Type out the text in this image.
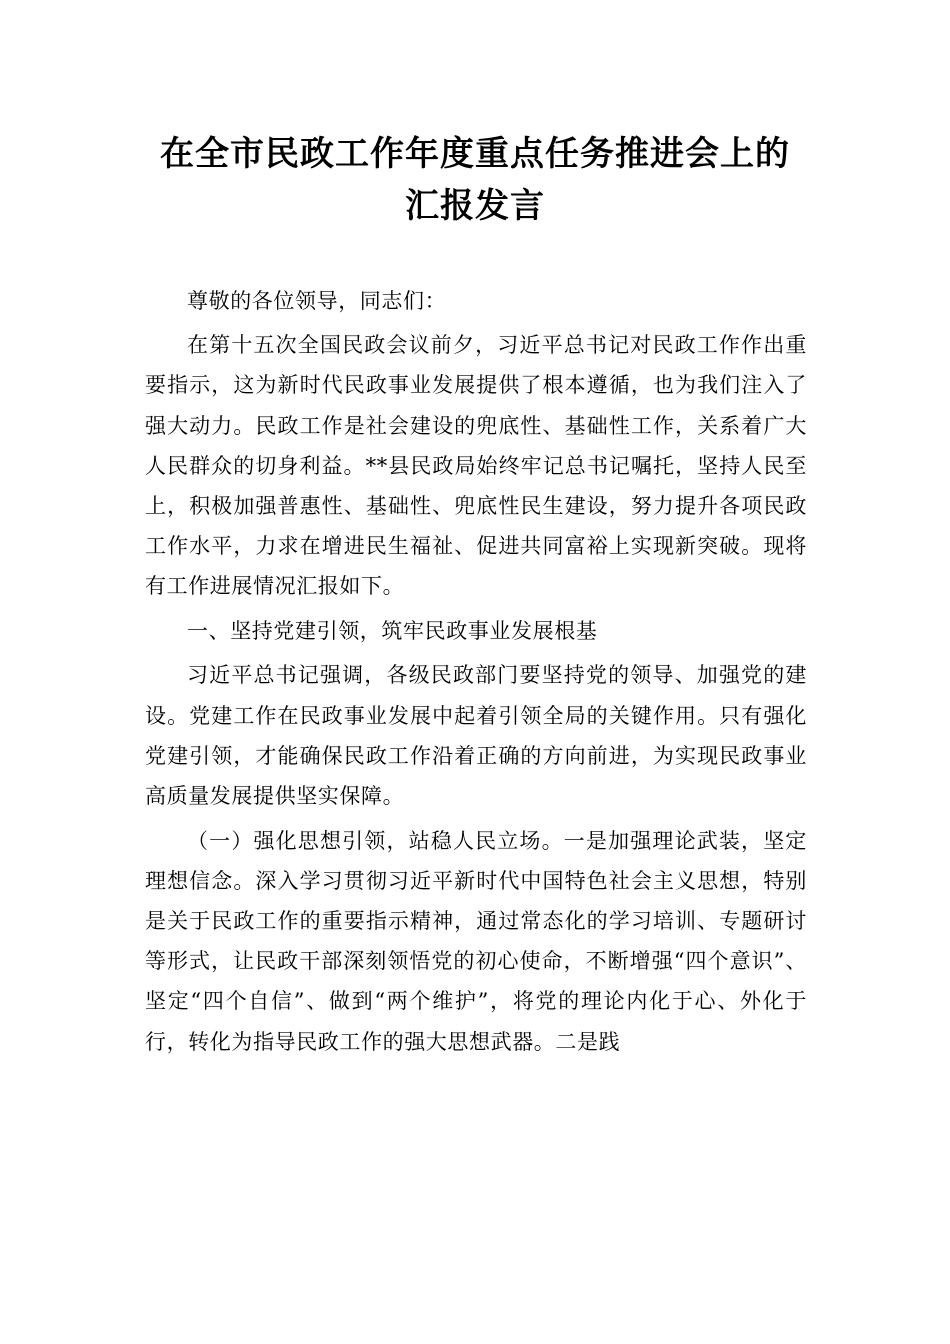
在全市民政工作年度重点任务推进会上的
汇报发言

尊敬的各位领导，同志们：

在第十五次全国民政会议前夕，习近平总书记对民政工作作出重要指示，这为新时代民政事业发展提供了根本遵循，也为我们注入了强大动力。民政工作是社会建设的兜底性、基础性工作，关系着广大人民群众的切身利益。**县民政局始终牢记总书记嘱托，坚持人民至上，积极加强普惠性、基础性、兜底性民生建设，努力提升各项民政工作水平，力求在增进民生福祉、促进共同富裕上实现新突破。现将有工作进展情况汇报如下。

一、坚持党建引领，筑牢民政事业发展根基

习近平总书记强调，各级民政部门要坚持党的领导、加强党的建设。党建工作在民政事业发展中起着引领全局的关键作用。只有强化党建引领，才能确保民政工作沿着正确的方向前进，为实现民政事业高质量发展提供坚实保障。

（一）强化思想引领，站稳人民立场。一是加强理论武装，坚定理想信念。深入学习贯彻习近平新时代中国特色社会主义思想，特别是关于民政工作的重要指示精神，通过常态化的学习培训、专题研讨等形式，让民政干部深刻领悟党的初心使命，不断增强“四个意识”、坚定“四个自信”、做到“两个维护”，将党的理论内化于心、外化于行，转化为指导民政工作的强大思想武器。二是践
